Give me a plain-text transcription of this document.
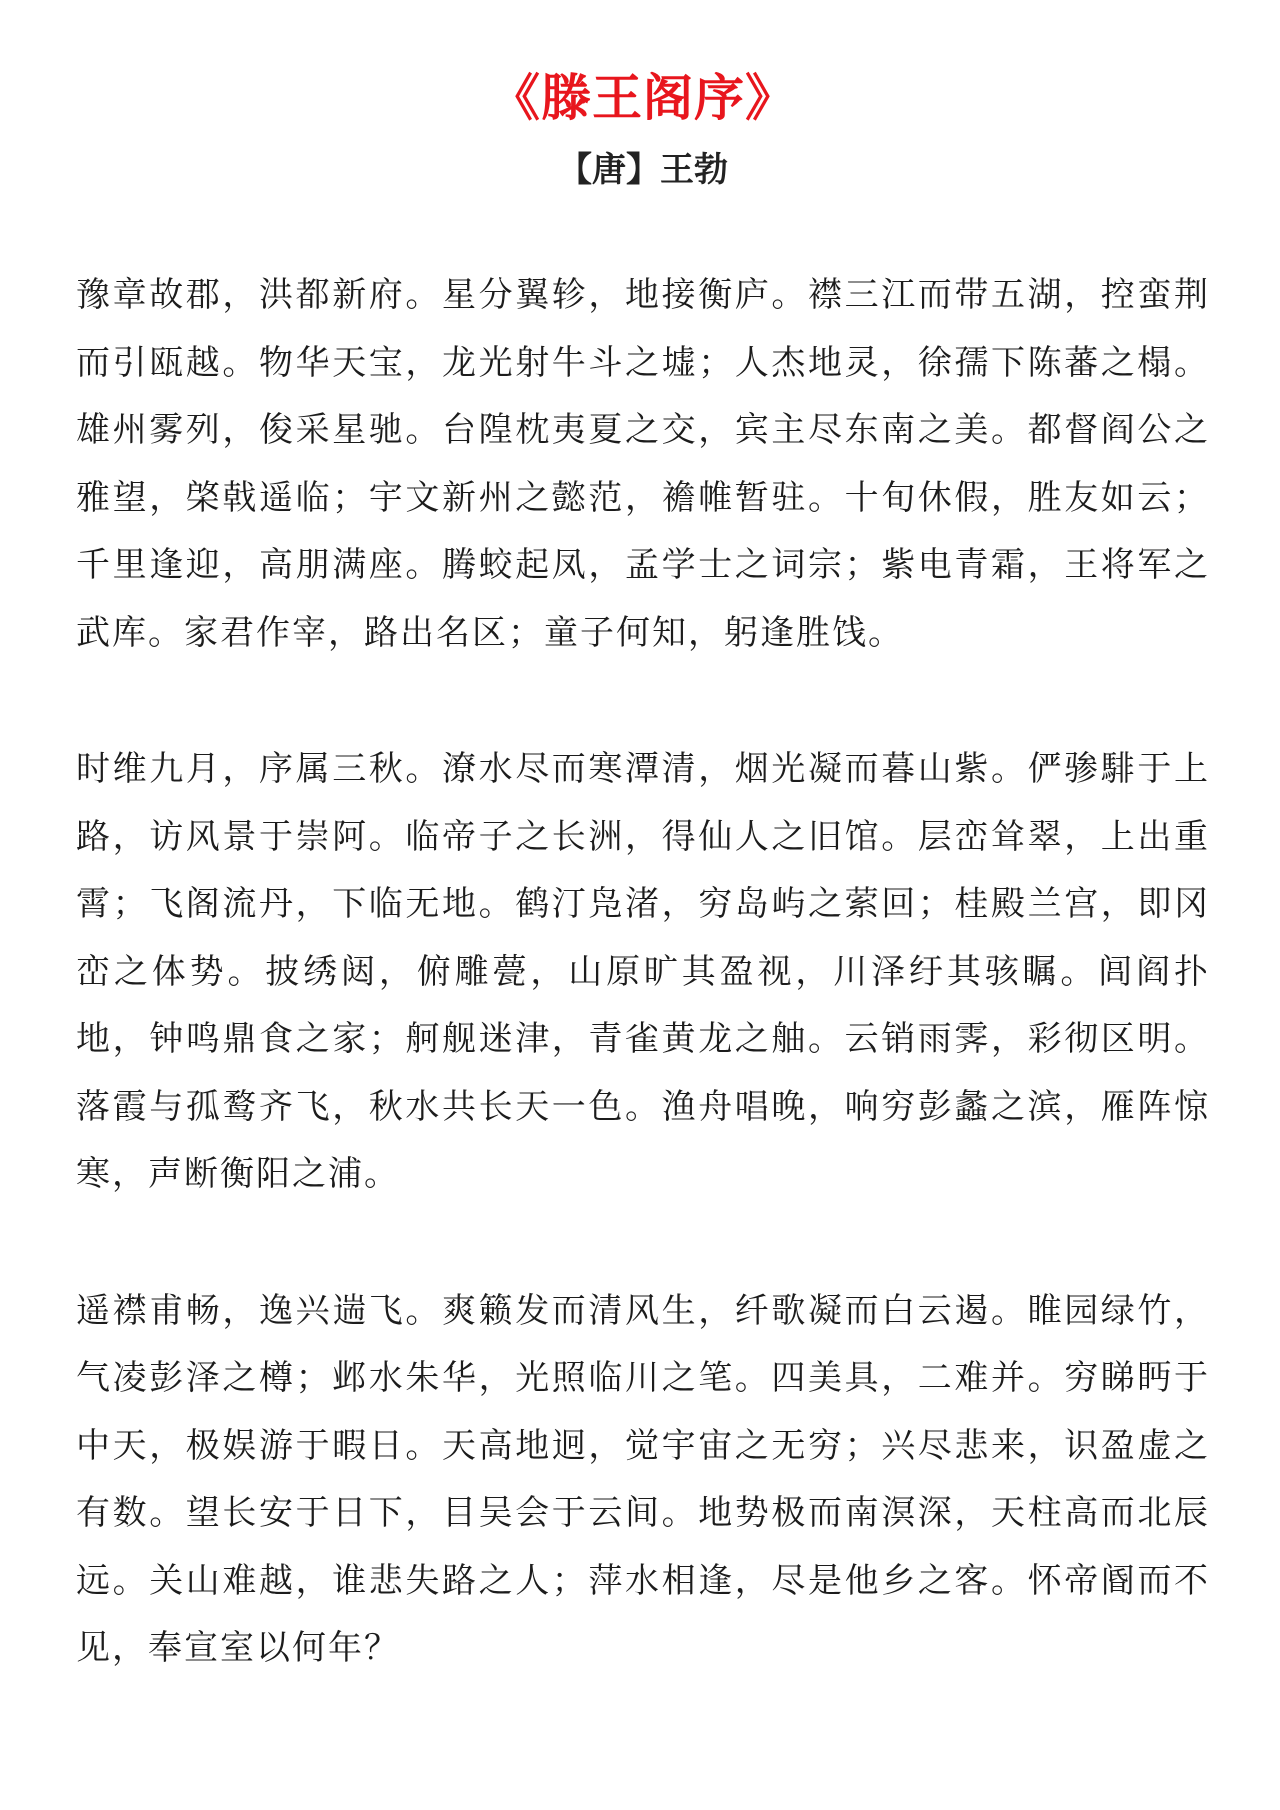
《滕王阁序》
【唐】王勃

豫章故郡，洪都新府。星分翼轸，地接衡庐。襟三江而带五湖，控蛮荆而引瓯越。物华天宝，龙光射牛斗之墟；人杰地灵，徐孺下陈蕃之榻。雄州雾列，俊采星驰。台隍枕夷夏之交，宾主尽东南之美。都督阎公之雅望，棨戟遥临；宇文新州之懿范，襜帷暂驻。十旬休假，胜友如云；千里逢迎，高朋满座。腾蛟起凤，孟学士之词宗；紫电青霜，王将军之武库。家君作宰，路出名区；童子何知，躬逢胜饯。

时维九月，序属三秋。潦水尽而寒潭清，烟光凝而暮山紫。俨骖騑于上路，访风景于崇阿。临帝子之长洲，得仙人之旧馆。层峦耸翠，上出重霄；飞阁流丹，下临无地。鹤汀凫渚，穷岛屿之萦回；桂殿兰宫，即冈峦之体势。披绣闼，俯雕甍，山原旷其盈视，川泽纡其骇瞩。闾阎扑地，钟鸣鼎食之家；舸舰迷津，青雀黄龙之舳。云销雨霁，彩彻区明。落霞与孤鹜齐飞，秋水共长天一色。渔舟唱晚，响穷彭蠡之滨，雁阵惊寒，声断衡阳之浦。

遥襟甫畅，逸兴遄飞。爽籁发而清风生，纤歌凝而白云遏。睢园绿竹，气凌彭泽之樽；邺水朱华，光照临川之笔。四美具，二难并。穷睇眄于中天，极娱游于暇日。天高地迥，觉宇宙之无穷；兴尽悲来，识盈虚之有数。望长安于日下，目吴会于云间。地势极而南溟深，天柱高而北辰远。关山难越，谁悲失路之人；萍水相逢，尽是他乡之客。怀帝阍而不见，奉宣室以何年？
